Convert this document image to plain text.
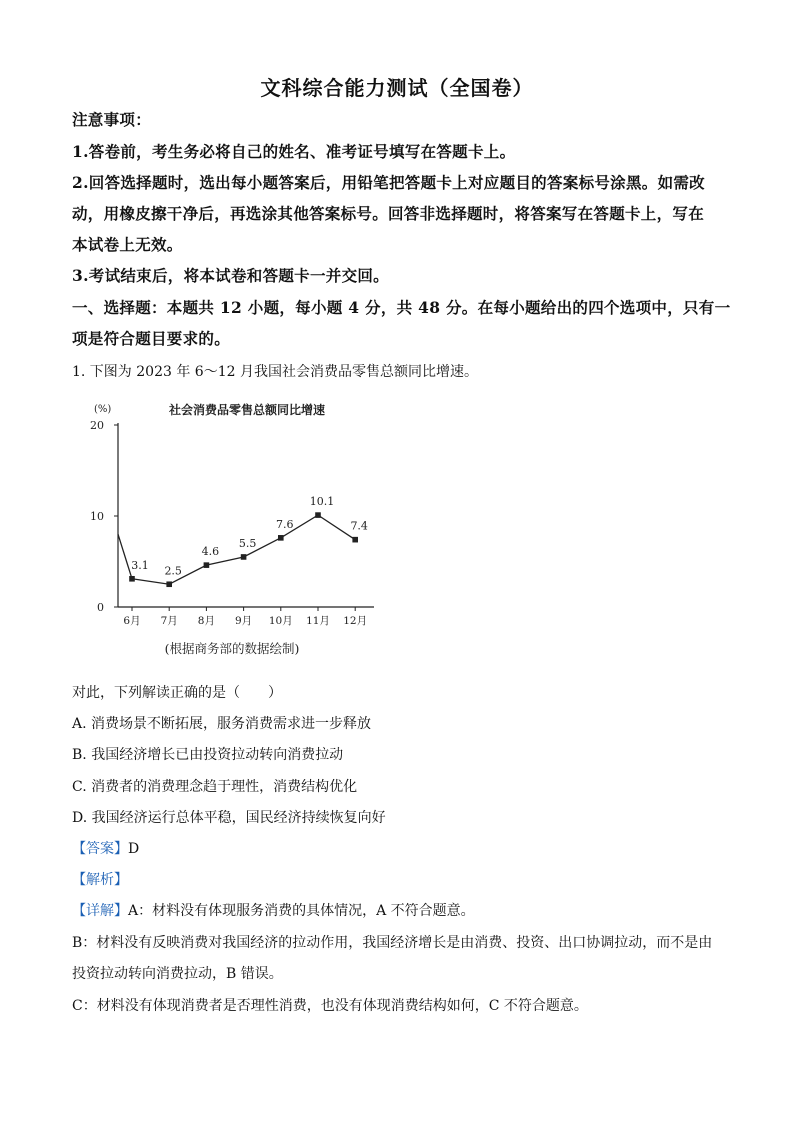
文科综合能力测试（全国卷）
注意事项：
1.答卷前，考生务必将自己的姓名、准考证号填写在答题卡上。
2.回答选择题时，选出每小题答案后，用铅笔把答题卡上对应题目的答案标号涂黑。如需改
动，用橡皮擦干净后，再选涂其他答案标号。回答非选择题时，将答案写在答题卡上，写在
本试卷上无效。
3.考试结束后，将本试卷和答题卡一并交回。
一、选择题：本题共 12 小题，每小题 4 分，共 48 分。在每小题给出的四个选项中，只有一
项是符合题目要求的。
1. 下图为 2023 年 6～12 月我国社会消费品零售总额同比增速。
(%)	社会消费品零售总额同比增速
0
10
20
3.1
6月
2.5
7月
4.6
8月
5.5
9月
7.6
10月
10.1
11月
7.4
12月
(根据商务部的数据绘制)
对此，下列解读正确的是（　　）
A. 消费场景不断拓展，服务消费需求进一步释放
B. 我国经济增长已由投资拉动转向消费拉动
C. 消费者的消费理念趋于理性，消费结构优化
D. 我国经济运行总体平稳，国民经济持续恢复向好
【答案】D
【解析】
【详解】A：材料没有体现服务消费的具体情况，A 不符合题意。
B：材料没有反映消费对我国经济的拉动作用，我国经济增长是由消费、投资、出口协调拉动，而不是由
投资拉动转向消费拉动，B 错误。
C：材料没有体现消费者是否理性消费，也没有体现消费结构如何，C 不符合题意。
